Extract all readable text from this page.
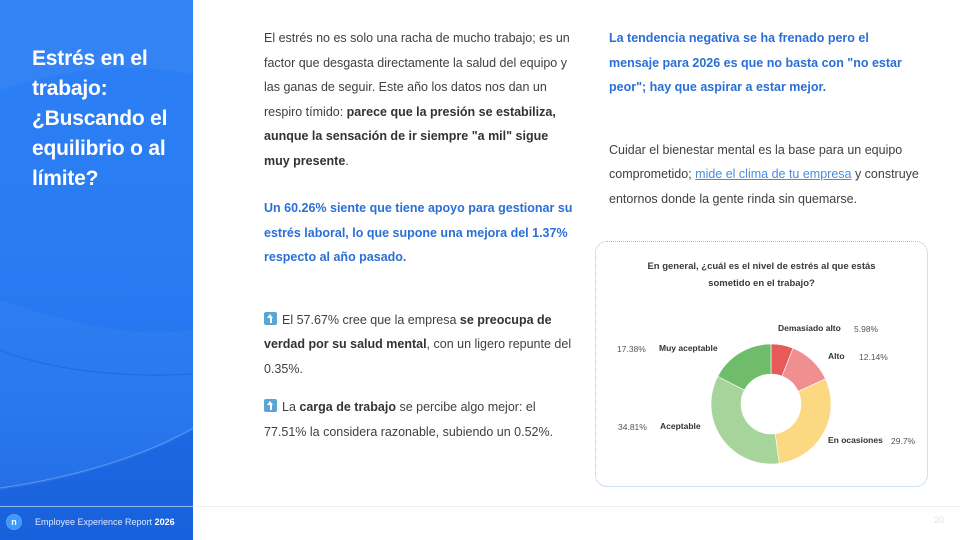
Estrés en el trabajo: ¿Buscando el equilibrio o al límite?
n	Employee Experience Report 2026	20

El estrés no es solo una racha de mucho trabajo; es un factor que desgasta directamente la salud del equipo y las ganas de seguir. Este año los datos nos dan un respiro tímido: parece que la presión se estabiliza, aunque la sensación de ir siempre "a mil" sigue muy presente.

Un 60.26% siente que tiene apoyo para gestionar su estrés laboral, lo que supone una mejora del 1.37% respecto al año pasado.

El 57.67% cree que la empresa se preocupa de verdad por su salud mental, con un ligero repunte del 0.35%.

La carga de trabajo se percibe algo mejor: el 77.51% la considera razonable, subiendo un 0.52%.

La tendencia negativa se ha frenado pero el mensaje para 2026 es que no basta con "no estar peor"; hay que aspirar a estar mejor.

Cuidar el bienestar mental es la base para un equipo comprometido; mide el clima de tu empresa y construye entornos donde la gente rinda sin quemarse.

En general, ¿cuál es el nivel de estrés al que estás sometido en el trabajo?
Demasiado alto 5.98%
Alto 12.14%
En ocasiones 29.7%
Aceptable
34.81%
Muy aceptable
17.38%
